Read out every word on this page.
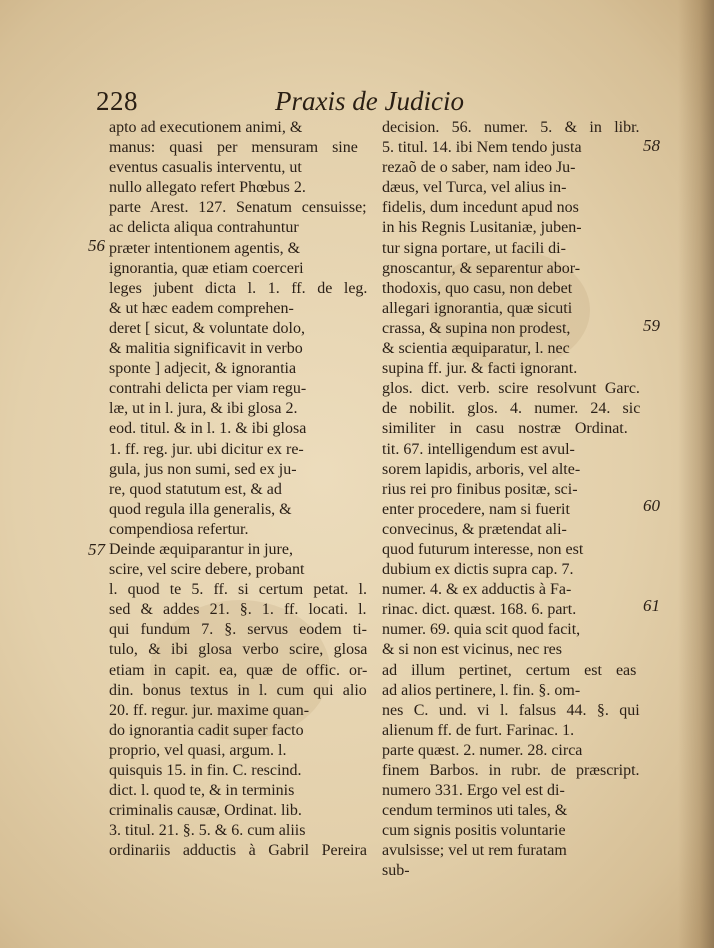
228	Praxis de Judicio
apto ad executionem animi, &
manus: quasi per mensuram sine
eventus casualis interventu, ut
nullo allegato refert Phœbus 2.
parte Arest. 127. Senatum censuisse;
ac delicta aliqua contrahuntur
præter intentionem agentis, &
ignorantia, quæ etiam coerceri
leges jubent dicta l. 1. ff. de leg.
& ut hæc eadem comprehen-
deret [ sicut, & voluntate dolo,
& malitia significavit in verbo
sponte ] adjecit, & ignorantia
contrahi delicta per viam regu-
læ, ut in l. jura, & ibi glosa 2.
eod. titul. & in l. 1. & ibi glosa
1. ff. reg. jur. ubi dicitur ex re-
gula, jus non sumi, sed ex ju-
re, quod statutum est, & ad
quod regula illa generalis, &
compendiosa refertur.
Deinde æquiparantur in jure,
scire, vel scire debere, probant
l. quod te 5. ff. si certum petat. l.
sed & addes 21. §. 1. ff. locati. l.
qui fundum 7. §. servus eodem ti-
tulo, & ibi glosa verbo scire, glosa
etiam in capit. ea, quæ de offic. or-
din. bonus textus in l. cum qui alio
20. ff. regur. jur. maxime quan-
do ignorantia cadit super facto
proprio, vel quasi, argum. l.
quisquis 15. in fin. C. rescind.
dict. l. quod te, & in terminis
criminalis causæ, Ordinat. lib.
3. titul. 21. §. 5. & 6. cum aliis
ordinariis adductis à Gabril Pereira
decision. 56. numer. 5. & in libr.
5. titul. 14. ibi Nem tendo justa
rezaõ de o saber, nam ideo Ju-
dæus, vel Turca, vel alius in-
fidelis, dum incedunt apud nos
in his Regnis Lusitaniæ, juben-
tur signa portare, ut facili di-
gnoscantur, & separentur abor-
thodoxis, quo casu, non debet
allegari ignorantia, quæ sicuti
crassa, & supina non prodest,
& scientia æquiparatur, l. nec
supina ff. jur. & facti ignorant.
glos. dict. verb. scire resolvunt Garc.
de nobilit. glos. 4. numer. 24. sic
similiter in casu nostræ Ordinat.
tit. 67. intelligendum est avul-
sorem lapidis, arboris, vel alte-
rius rei pro finibus positæ, sci-
enter procedere, nam si fuerit
convecinus, & prætendat ali-
quod futurum interesse, non est
dubium ex dictis supra cap. 7.
numer. 4. & ex adductis à Fa-
rinac. dict. quæst. 168. 6. part.
numer. 69. quia scit quod facit,
& si non est vicinus, nec res
ad illum pertinet, certum est eas
ad alios pertinere, l. fin. §. om-
nes C. und. vi l. falsus 44. §. qui
alienum ff. de furt. Farinac. 1.
parte quæst. 2. numer. 28. circa
finem Barbos. in rubr. de præscript.
numero 331. Ergo vel est di-
cendum terminos uti tales, &
cum signis positis voluntarie
avulsisse; vel ut rem furatam
sub-
56
57
58
59
60
61
